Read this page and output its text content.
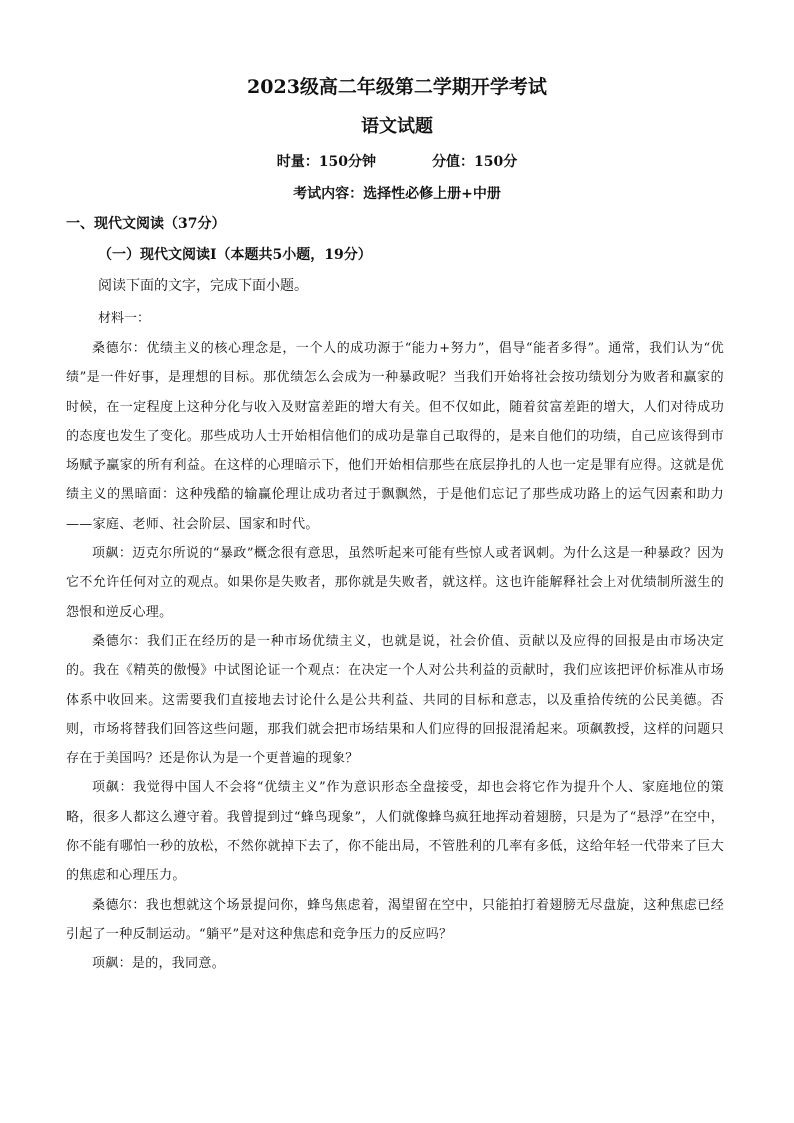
2023级高二年级第二学期开学考试
语文试题
时量：150分钟	分值：150分
考试内容：选择性必修上册+中册
一、现代文阅读（37分）
（一）现代文阅读Ⅰ（本题共5小题，19分）
阅读下面的文字，完成下面小题。
材料一：

桑德尔：优绩主义的核心理念是，一个人的成功源于“能力+努力”，倡导“能者多得”。通常，我们认为“优绩”是一件好事，是理想的目标。那优绩怎么会成为一种暴政呢？当我们开始将社会按功绩划分为败者和赢家的时候，在一定程度上这种分化与收入及财富差距的增大有关。但不仅如此，随着贫富差距的增大，人们对待成功的态度也发生了变化。那些成功人士开始相信他们的成功是靠自己取得的，是来自他们的功绩，自己应该得到市场赋予赢家的所有利益。在这样的心理暗示下，他们开始相信那些在底层挣扎的人也一定是罪有应得。这就是优绩主义的黑暗面：这种残酷的输赢伦理让成功者过于飘飘然，于是他们忘记了那些成功路上的运气因素和助力——家庭、老师、社会阶层、国家和时代。

项飙：迈克尔所说的“暴政”概念很有意思，虽然听起来可能有些惊人或者讽刺。为什么这是一种暴政？因为它不允许任何对立的观点。如果你是失败者，那你就是失败者，就这样。这也许能解释社会上对优绩制所滋生的怨恨和逆反心理。

桑德尔：我们正在经历的是一种市场优绩主义，也就是说，社会价值、贡献以及应得的回报是由市场决定的。我在《精英的傲慢》中试图论证一个观点：在决定一个人对公共利益的贡献时，我们应该把评价标准从市场体系中收回来。这需要我们直接地去讨论什么是公共利益、共同的目标和意志，以及重拾传统的公民美德。否则，市场将替我们回答这些问题，那我们就会把市场结果和人们应得的回报混淆起来。项飙教授，这样的问题只存在于美国吗？还是你认为是一个更普遍的现象？

项飙：我觉得中国人不会将“优绩主义”作为意识形态全盘接受，却也会将它作为提升个人、家庭地位的策略，很多人都这么遵守着。我曾提到过“蜂鸟现象”，人们就像蜂鸟疯狂地挥动着翅膀，只是为了“悬浮”在空中，你不能有哪怕一秒的放松，不然你就掉下去了，你不能出局，不管胜利的几率有多低，这给年轻一代带来了巨大的焦虑和心理压力。

桑德尔：我也想就这个场景提问你，蜂鸟焦虑着，渴望留在空中，只能拍打着翅膀无尽盘旋，这种焦虑已经引起了一种反制运动。“躺平”是对这种焦虑和竞争压力的反应吗？

项飙：是的，我同意。
